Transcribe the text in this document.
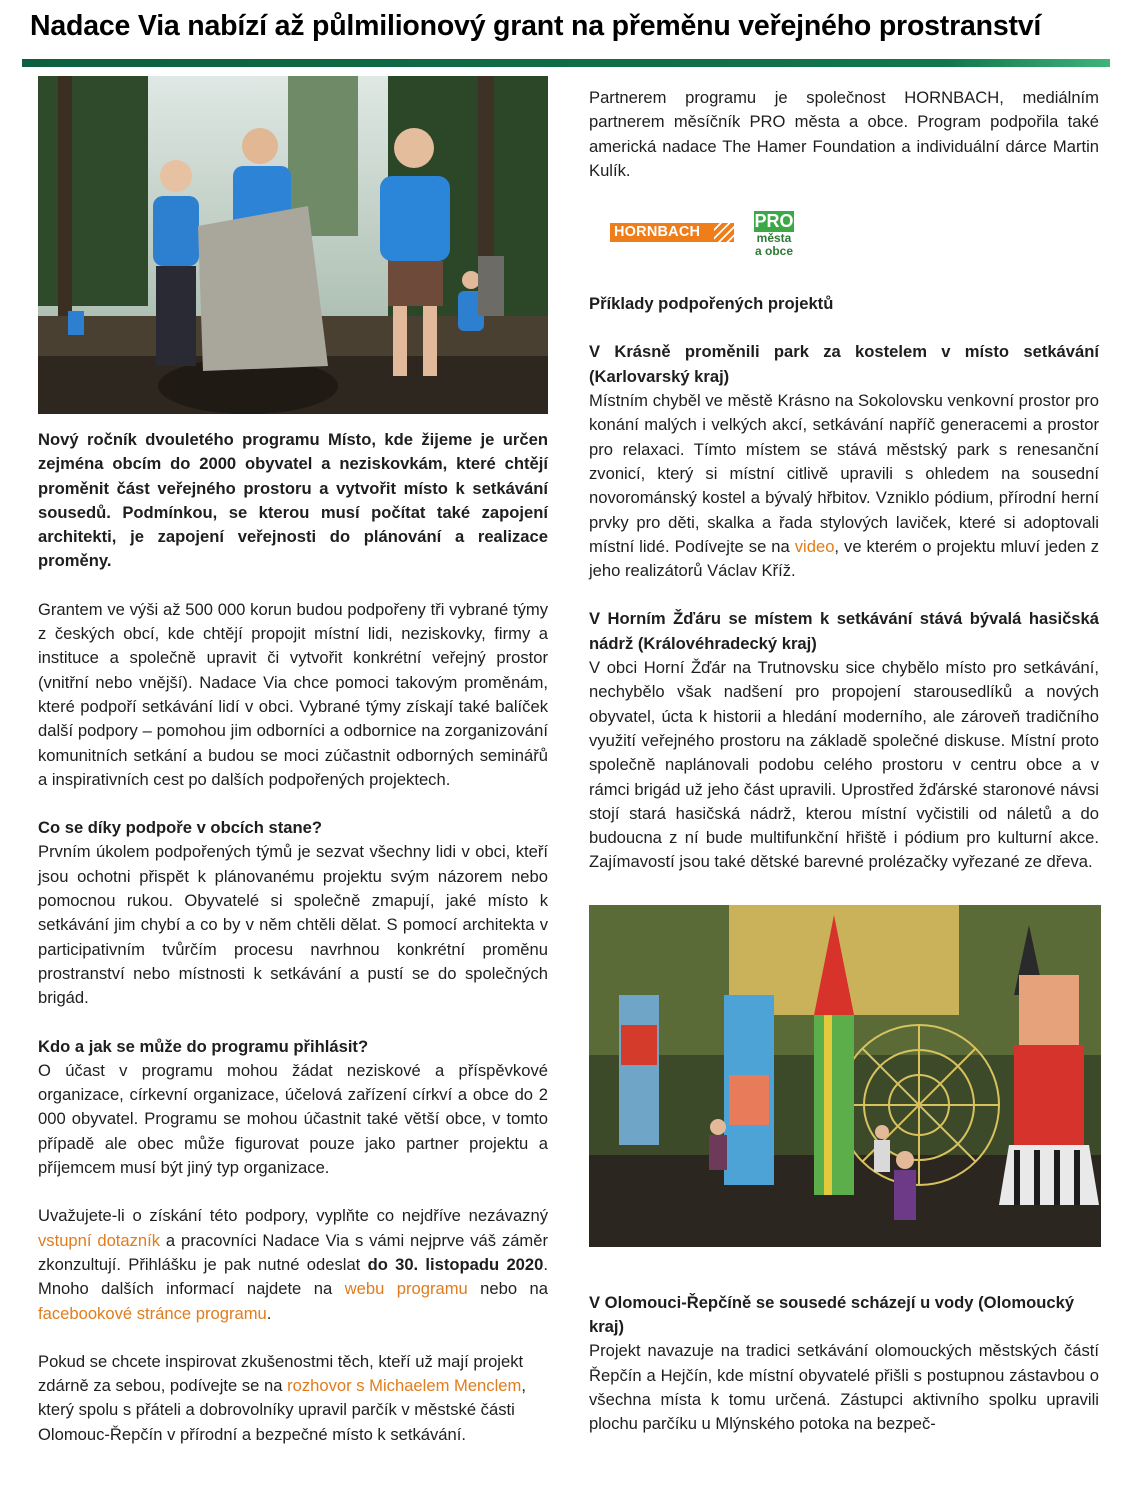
Nadace Via nabízí až půlmilionový grant na přeměnu veřejného prostranství

Nový ročník dvouletého programu Místo, kde žijeme je určen zejména obcím do 2000 obyvatel a neziskovkám, které chtějí proměnit část veřejného prostoru a vytvořit místo k setkávání sousedů. Podmínkou, se kterou musí počítat také zapojení architekti, je zapojení veřejnosti do plánování a realizace proměny.

Grantem ve výši až 500 000 korun budou podpořeny tři vybrané týmy z českých obcí, kde chtějí propojit místní lidi, neziskovky, firmy a instituce a společně upravit či vytvořit konkrétní veřejný prostor (vnitřní nebo vnější). Nadace Via chce pomoci takovým proměnám, které podpoří setkávání lidí v obci. Vybrané týmy získají také balíček další podpory – pomohou jim odborníci a odbornice na zorganizování komunitních setkání a budou se moci zúčastnit odborných seminářů a inspirativních cest po dalších podpořených projektech.

Co se díky podpoře v obcích stane?

Prvním úkolem podpořených týmů je sezvat všechny lidi v obci, kteří jsou ochotni přispět k plánovanému projektu svým názorem nebo pomocnou rukou. Obyvatelé si společně zmapují, jaké místo k setkávání jim chybí a co by v něm chtěli dělat. S pomocí architekta v participativním tvůrčím procesu navrhnou konkrétní proměnu prostranství nebo místnosti k setkávání a pustí se do společných brigád.

Kdo a jak se může do programu přihlásit?

O účast v programu mohou žádat neziskové a příspěvkové organizace, církevní organizace, účelová zařízení církví a obce do 2 000 obyvatel. Programu se mohou účastnit také větší obce, v tomto případě ale obec může figurovat pouze jako partner projektu a příjemcem musí být jiný typ organizace.

Uvažujete-li o získání této podpory, vyplňte co nejdříve nezávazný vstupní dotazník a pracovníci Nadace Via s vámi nejprve váš záměr zkonzultují. Přihlášku je pak nutné odeslat do 30. listopadu 2020. Mnoho dalších informací najdete na webu programu nebo na facebookové stránce programu.

Pokud se chcete inspirovat zkušenostmi těch, kteří už mají projekt zdárně za sebou, podívejte se na rozhovor s Michaelem Menclem, který spolu s přáteli a dobrovolníky upravil parčík v městské části Olomouc-Řepčín v přírodní a bezpečné místo k setkávání.

Partnerem programu je společnost HORNBACH, mediálním partnerem měsíčník PRO města a obce. Program podpořila také americká nadace The Hamer Foundation a individuální dárce Martin Kulík.

HORNBACH
PRO
města
a obce
Příklady podpořených projektů
V Krásně proměnili park za kostelem v místo setkávání (Karlovarský kraj)

Místním chyběl ve městě Krásno na Sokolovsku venkovní prostor pro konání malých i velkých akcí, setkávání napříč generacemi a prostor pro relaxaci. Tímto místem se stává městský park s renesanční zvonicí, který si místní citlivě upravili s ohledem na sousední novorománský kostel a bývalý hřbitov. Vzniklo pódium, přírodní herní prvky pro děti, skalka a řada stylových laviček, které si adoptovali místní lidé. Podívejte se na video, ve kterém o projektu mluví jeden z jeho realizátorů Václav Kříž.

V Horním Žďáru se místem k setkávání stává bývalá hasičská nádrž (Královéhradecký kraj)

V obci Horní Žďár na Trutnovsku sice chybělo místo pro setkávání, nechybělo však nadšení pro propojení starousedlíků a nových obyvatel, úcta k historii a hledání moderního, ale zároveň tradičního využití veřejného prostoru na základě společné diskuse. Místní proto společně naplánovali podobu celého prostoru v centru obce a v rámci brigád už jeho část upravili. Uprostřed žďárské staronové návsi stojí stará hasičská nádrž, kterou místní vyčistili od náletů a do budoucna z ní bude multifunkční hřiště i pódium pro kulturní akce. Zajímavostí jsou také dětské barevné prolézačky vyřezané ze dřeva.

V Olomouci-Řepčíně se sousedé scházejí u vody (Olomoucký kraj)

Projekt navazuje na tradici setkávání olomouckých městských částí Řepčín a Hejčín, kde místní obyvatelé přišli s postupnou zástavbou o všechna místa k tomu určená. Zástupci aktivního spolku upravili plochu parčíku u Mlýnského potoka na bezpeč-
